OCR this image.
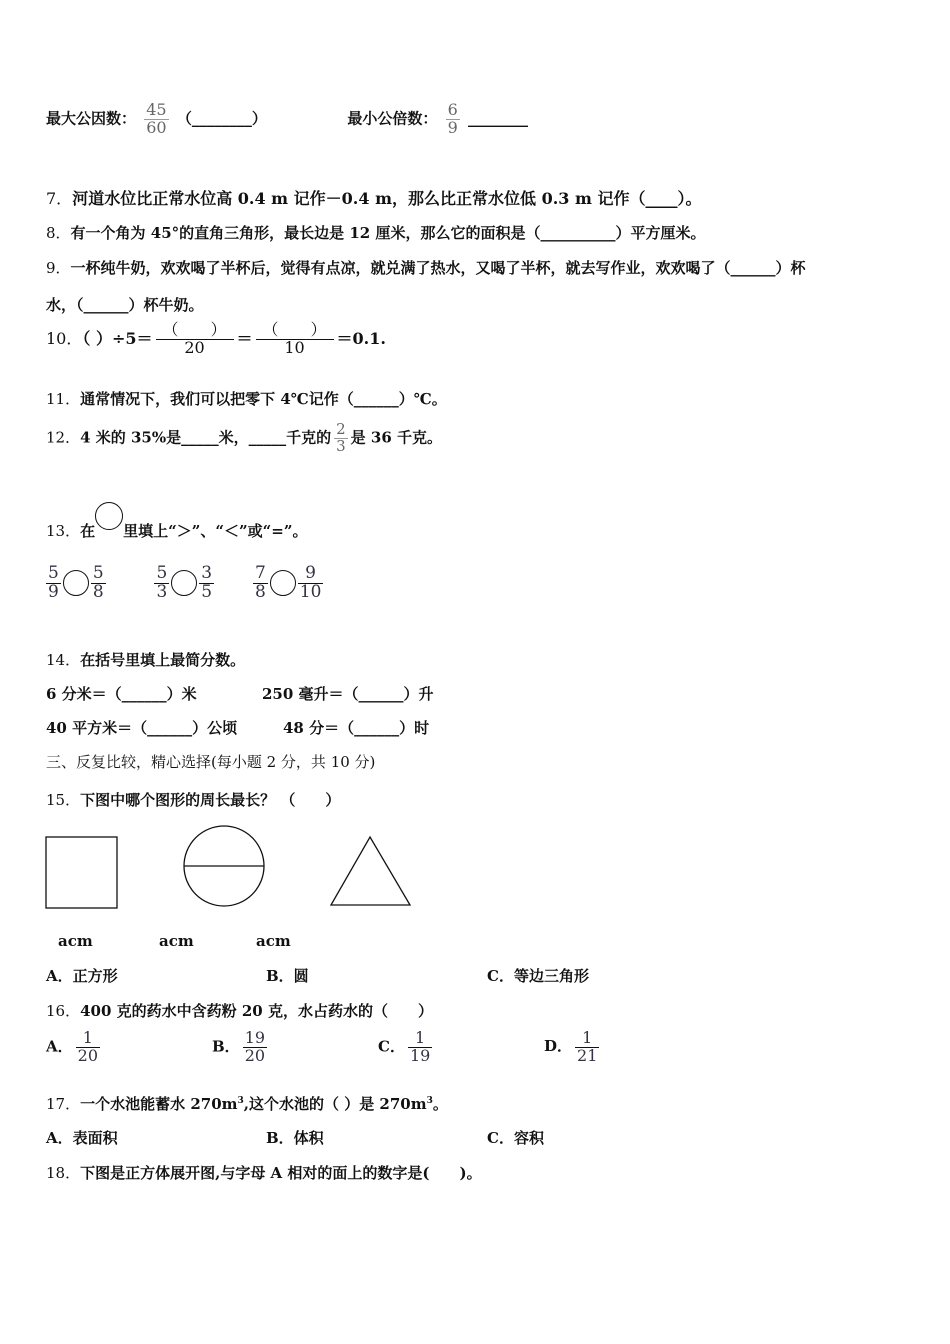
最大公因数： $\frac{45}{60}$ （________）	最小公倍数： $\frac{6}{9}$ ________
7．河道水位比正常水位高 0.4 m 记作－0.4 m，那么比正常水位低 0.3 m 记作（____）。
8．有一个角为 45°的直角三角形，最长边是 12 厘米，那么它的面积是（__________）平方厘米。
9．一杯纯牛奶，欢欢喝了半杯后，觉得有点凉，就兑满了热水，又喝了半杯，就去写作业，欢欢喝了（______）杯
水，（______）杯牛奶。
10．（ ）$\div 5= \frac{( )}{20} = \frac{( )}{10} =0.1$.
11．通常情况下，我们可以把零下 4℃记作（______）℃。
12．4 米的 35%是_____米，_____千克的 $\frac{2}{3}$ 是 36 千克。
13．在 里填上“＞”、“＜”或“=”。
$\frac{5}{9} \frac{5}{8}$
	$\frac{5}{3} \frac{3}{5}$
$\frac{7}{8} \frac{9}{10}$
14．在括号里填上最简分数。
6 分米＝（______）米	250 毫升＝（______）升
40 平方米＝（______）公顷	48 分＝（______）时
三、反复比较，精心选择(每小题 2 分，共 10 分)
15．下图中哪个图形的周长最长？ （　　）
acm	acm	acm
A．正方形	B．圆	C．等边三角形
16．400 克的药水中含药粉 20 克，水占药水的（　　）
A． $\frac{1}{20}$	B． $\frac{19}{20}$	C． $\frac{1}{19}$	D． $\frac{1}{21}$
17．一个水池能蓄水 $270m^3$,这个水池的（ ）是 $270m^3$。
A．表面积	B．体积	C．容积
18．下图是正方体展开图,与字母 A 相对的面上的数字是(　　)。
